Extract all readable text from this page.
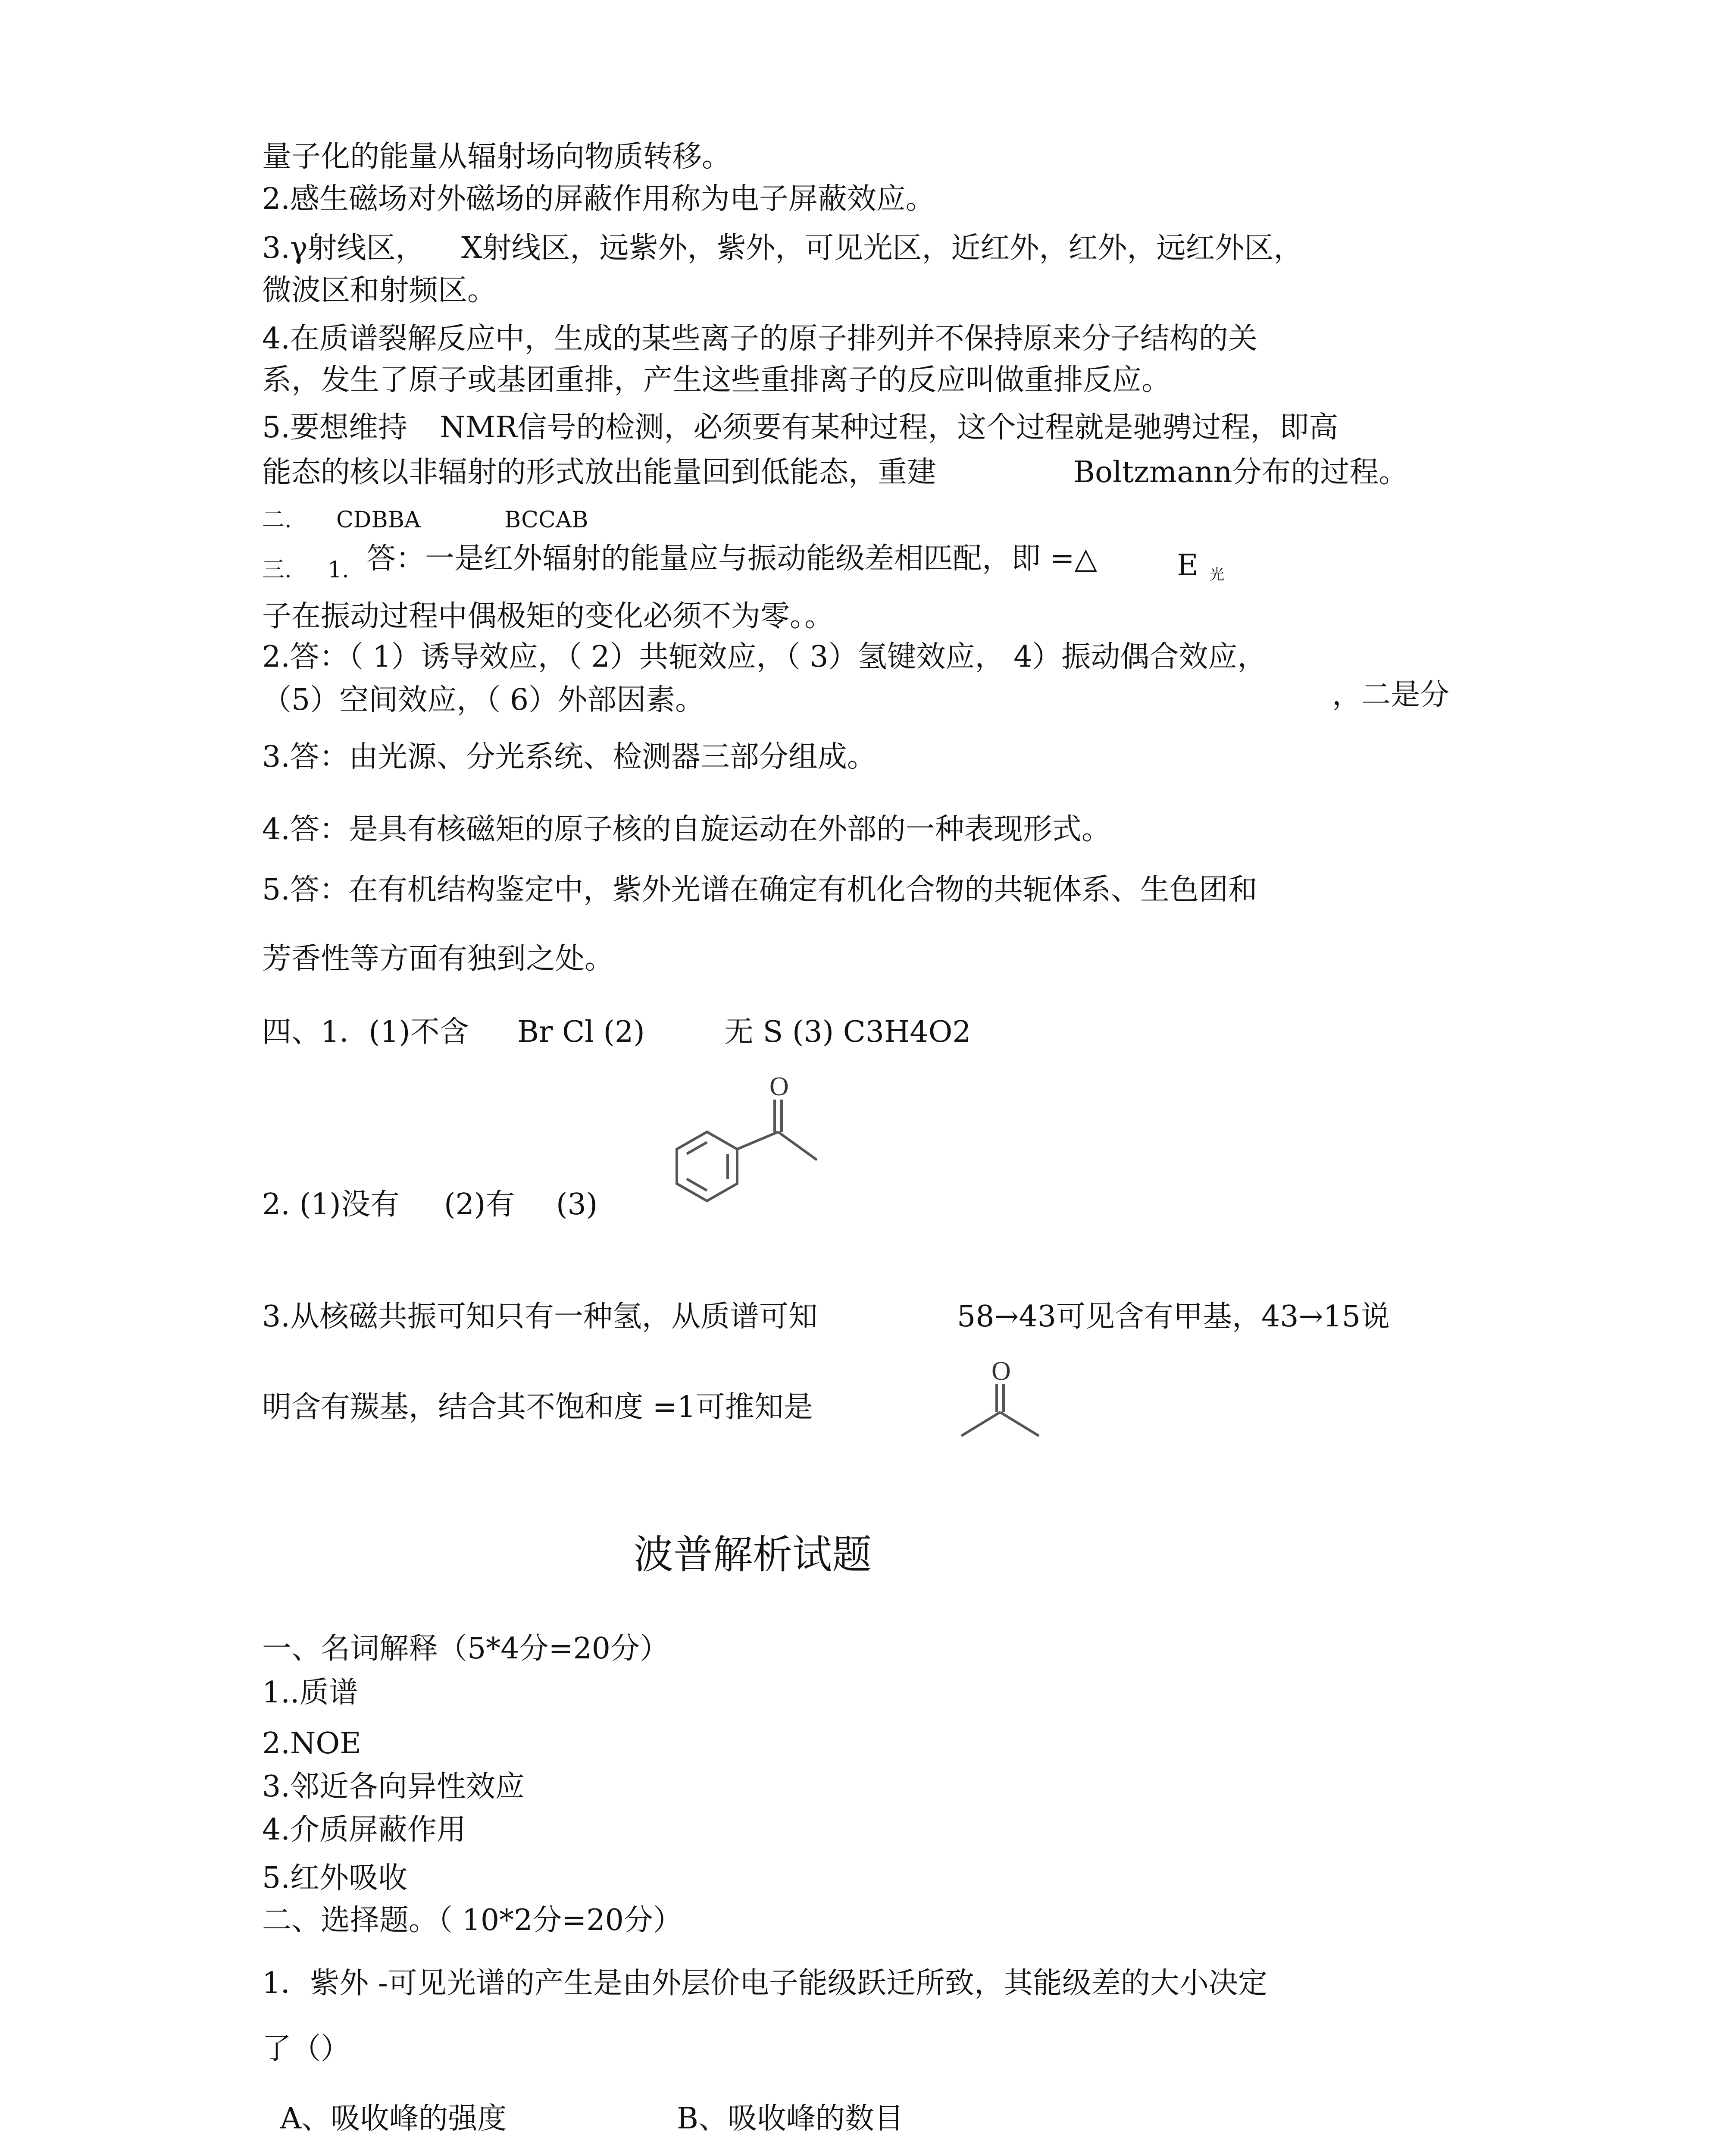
量子化的能量从辐射场向物质转移。
2.感生磁场对外磁场的屏蔽作用称为电子屏蔽效应。
3.γ射线区， X射线区，远紫外，紫外，可见光区，近红外，红外，远红外区，
微波区和射频区。
4.在质谱裂解反应中，生成的某些离子的原子排列并不保持原来分子结构的关
系，发生了原子或基团重排，产生这些重排离子的反应叫做重排反应。
5.要想维持 NMR信号的检测，必须要有某种过程，这个过程就是驰骋过程，即高
能态的核以非辐射的形式放出能量回到低能态，重建	Boltzmann分布的过程。
二. CDBBA	BCCAB
三. 1. 答：一是红外辐射的能量应与振动能级差相匹配，即 =△	E 光
子在振动过程中偶极矩的变化必须不为零。。
2.答：（ 1）诱导效应，（ 2）共轭效应，（ 3）氢键效应， 4）振动偶合效应，
（5）空间效应，（ 6）外部因素。	，二是分
3.答：由光源、分光系统、检测器三部分组成。
4.答：是具有核磁矩的原子核的自旋运动在外部的一种表现形式。
5.答：在有机结构鉴定中，紫外光谱在确定有机化合物的共轭体系、生色团和
芳香性等方面有独到之处。
四、1．(1)不含 Br Cl (2)	无 S (3) C3H4O2
2. (1)没有 (2)有 (3)
O
3.从核磁共振可知只有一种氢，从质谱可知	58→43可见含有甲基，43→15说
明含有羰基，结合其不饱和度 =1可推知是
O
波普解析试题
一、名词解释（5*4分=20分）
1..质谱
2.NOE
3.邻近各向异性效应
4.介质屏蔽作用
5.红外吸收
二、选择题。（ 10*2分=20分）
1．紫外 -可见光谱的产生是由外层价电子能级跃迁所致，其能级差的大小决定
了（）
A、吸收峰的强度	B、吸收峰的数目
